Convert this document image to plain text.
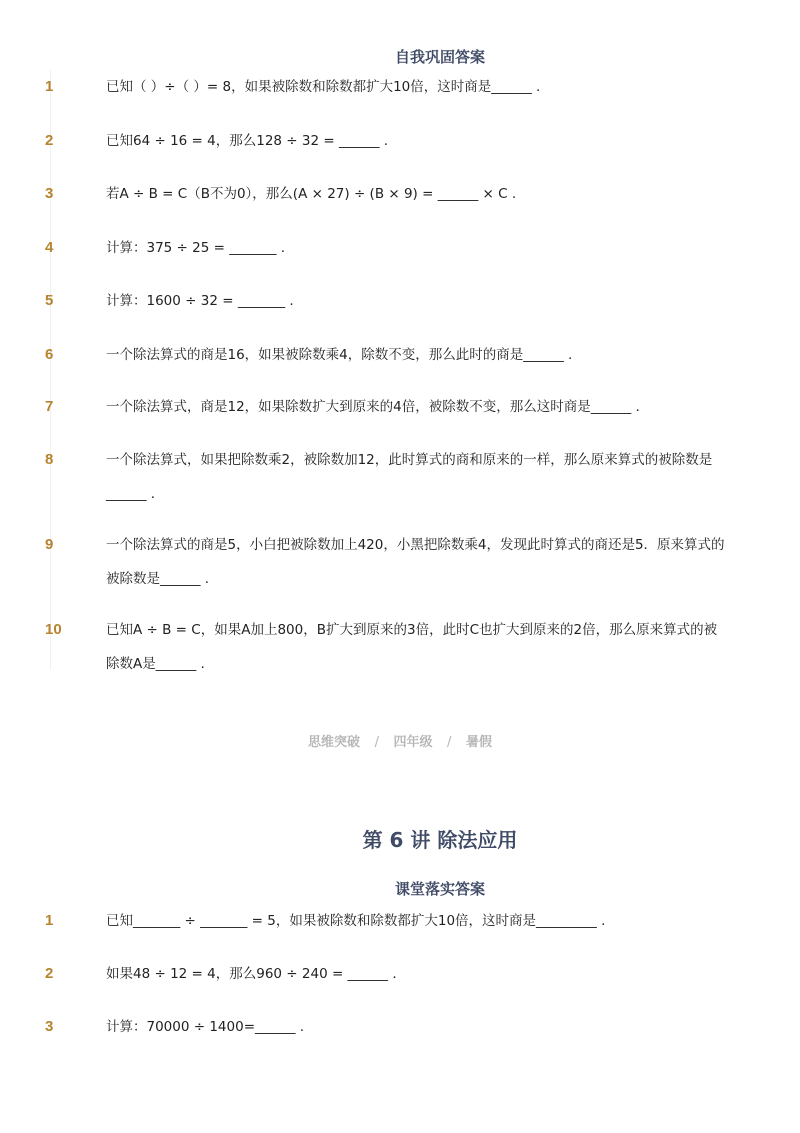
自我巩固答案
1	已知（ ）÷（ ）= 8，如果被除数和除数都扩大10倍，这时商是______ .
2	已知64 ÷ 16 = 4，那么128 ÷ 32 = ______ .
3	若A ÷ B = C（B不为0），那么(A × 27) ÷ (B × 9) = ______ × C .
4	计算：375 ÷ 25 = _______ .
5	计算：1600 ÷ 32 = _______ .
6	一个除法算式的商是16，如果被除数乘4，除数不变，那么此时的商是______ .
7	一个除法算式，商是12，如果除数扩大到原来的4倍，被除数不变，那么这时商是______ .
8	一个除法算式，如果把除数乘2，被除数加12，此时算式的商和原来的一样，那么原来算式的被除数是______ .
9	一个除法算式的商是5，小白把被除数加上420，小黑把除数乘4，发现此时算式的商还是5．原来算式的被除数是______ .
10	已知A ÷ B = C，如果A加上800，B扩大到原来的3倍，此时C也扩大到原来的2倍，那么原来算式的被除数A是______ .
思维突破 / 四年级 / 暑假
第 6 讲 除法应用
课堂落实答案
1	已知_______ ÷ _______ = 5，如果被除数和除数都扩大10倍，这时商是_________ .
2	如果48 ÷ 12 = 4，那么960 ÷ 240 = ______ .
3	计算：70000 ÷ 1400=______ .
